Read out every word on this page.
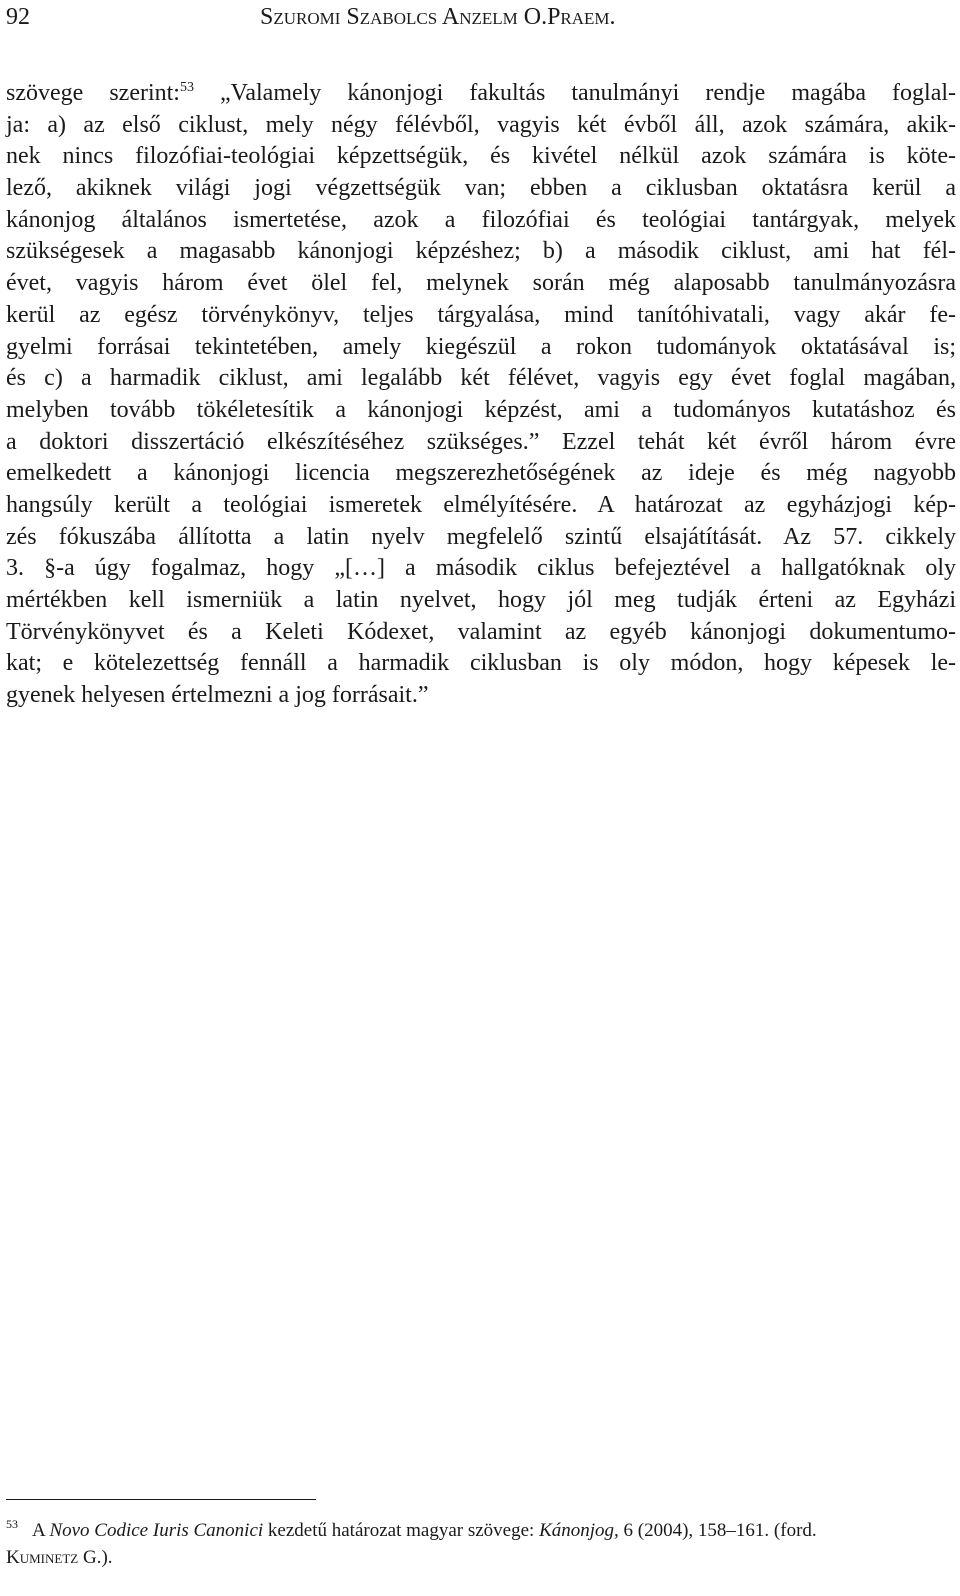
92	Szuromi Szabolcs Anzelm O.Praem.
szövege szerint:$^{53}$ „Valamely kánonjogi fakultás tanulmányi rendje magába foglal-
ja: a) az első ciklust, mely négy félévből, vagyis két évből áll, azok számára, akik-
nek nincs filozófiai-teológiai képzettségük, és kivétel nélkül azok számára is köte-
lező, akiknek világi jogi végzettségük van; ebben a ciklusban oktatásra kerül a
kánonjog általános ismertetése, azok a filozófiai és teológiai tantárgyak, melyek
szükségesek a magasabb kánonjogi képzéshez; b) a második ciklust, ami hat fél-
évet, vagyis három évet ölel fel, melynek során még alaposabb tanulmányozásra
kerül az egész törvénykönyv, teljes tárgyalása, mind tanítóhivatali, vagy akár fe-
gyelmi forrásai tekintetében, amely kiegészül a rokon tudományok oktatásával is;
és c) a harmadik ciklust, ami legalább két félévet, vagyis egy évet foglal magában,
melyben tovább tökéletesítik a kánonjogi képzést, ami a tudományos kutatáshoz és
a doktori disszertáció elkészítéséhez szükséges.” Ezzel tehát két évről három évre
emelkedett a kánonjogi licencia megszerezhetőségének az ideje és még nagyobb
hangsúly került a teológiai ismeretek elmélyítésére. A határozat az egyházjogi kép-
zés fókuszába állította a latin nyelv megfelelő szintű elsajátítását. Az 57. cikkely
3. §-a úgy fogalmaz, hogy „[…] a második ciklus befejeztével a hallgatóknak oly
mértékben kell ismerniük a latin nyelvet, hogy jól meg tudják érteni az Egyházi
Törvénykönyvet és a Keleti Kódexet, valamint az egyéb kánonjogi dokumentumo-
kat; e kötelezettség fennáll a harmadik ciklusban is oly módon, hogy képesek le-
gyenek helyesen értelmezni a jog forrásait.”
$^{53}$ A Novo Codice Iuris Canonici kezdetű határozat magyar szövege: Kánonjog, 6 (2004), 158–161. (ford.
Kuminetz G.).
